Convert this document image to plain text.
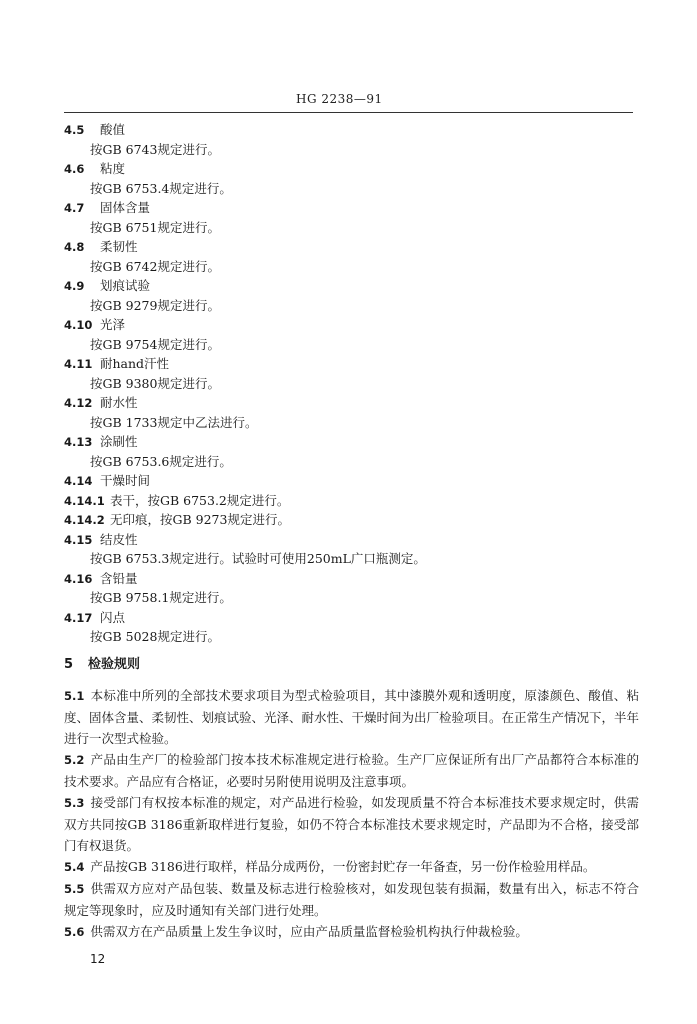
HG 2238—91
4.5 酸值
按GB 6743规定进行。
4.6 粘度
按GB 6753.4规定进行。
4.7 固体含量
按GB 6751规定进行。
4.8 柔韧性
按GB 6742规定进行。
4.9 划痕试验
按GB 9279规定进行。
4.10 光泽
按GB 9754规定进行。
4.11 耐hand汗性
按GB 9380规定进行。
4.12 耐水性
按GB 1733规定中乙法进行。
4.13 涂刷性
按GB 6753.6规定进行。
4.14 干燥时间
4.14.1 表干，按GB 6753.2规定进行。
4.14.2 无印痕，按GB 9273规定进行。
4.15 结皮性
按GB 6753.3规定进行。试验时可使用250mL广口瓶测定。
4.16 含铅量
按GB 9758.1规定进行。
4.17 闪点
按GB 5028规定进行。
5 检验规则
5.1 本标准中所列的全部技术要求项目为型式检验项目，其中漆膜外观和透明度，原漆颜色、酸值、粘度、固体含量、柔韧性、划痕试验、光泽、耐水性、干燥时间为出厂检验项目。在正常生产情况下，半年进行一次型式检验。
5.2 产品由生产厂的检验部门按本技术标准规定进行检验。生产厂应保证所有出厂产品都符合本标准的技术要求。产品应有合格证，必要时另附使用说明及注意事项。
5.3 接受部门有权按本标准的规定，对产品进行检验，如发现质量不符合本标准技术要求规定时，供需双方共同按GB 3186重新取样进行复验，如仍不符合本标准技术要求规定时，产品即为不合格，接受部门有权退货。
5.4 产品按GB 3186进行取样，样品分成两份，一份密封贮存一年备查，另一份作检验用样品。
5.5 供需双方应对产品包装、数量及标志进行检验核对，如发现包装有损漏，数量有出入，标志不符合规定等现象时，应及时通知有关部门进行处理。
5.6 供需双方在产品质量上发生争议时，应由产品质量监督检验机构执行仲裁检验。
12
